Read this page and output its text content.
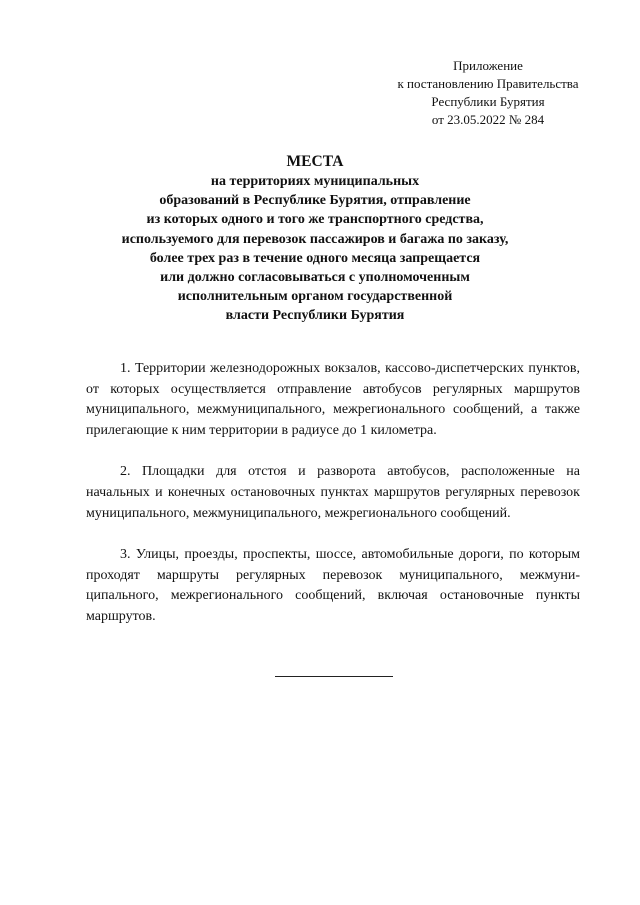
Приложение
к постановлению Правительства
Республики Бурятия
от 23.05.2022 № 284
МЕСТА
на территориях муниципальных
образований в Республике Бурятия, отправление
из которых одного и того же транспортного средства,
используемого для перевозок пассажиров и багажа по заказу,
более трех раз в течение одного месяца запрещается
или должно согласовываться с уполномоченным
исполнительным органом государственной
власти Республики Бурятия

1. Территории железнодорожных вокзалов, кассово-диспетчерских пунктов, от которых осуществляется отправление автобусов регулярных маршрутов муниципального, межмуниципального, межрегионального сообщений, а также прилегающие к ним территории в радиусе до 1 километра.

2. Площадки для отстоя и разворота автобусов, расположенные на начальных и конечных остановочных пунктах маршрутов регулярных перевозок муниципального, межмуниципального, межрегионального сообщений.

3. Улицы, проезды, проспекты, шоссе, автомобильные дороги, по которым проходят маршруты регулярных перевозок муниципального, межмуниципального, межрегионального сообщений, включая остановочные пункты маршрутов.
